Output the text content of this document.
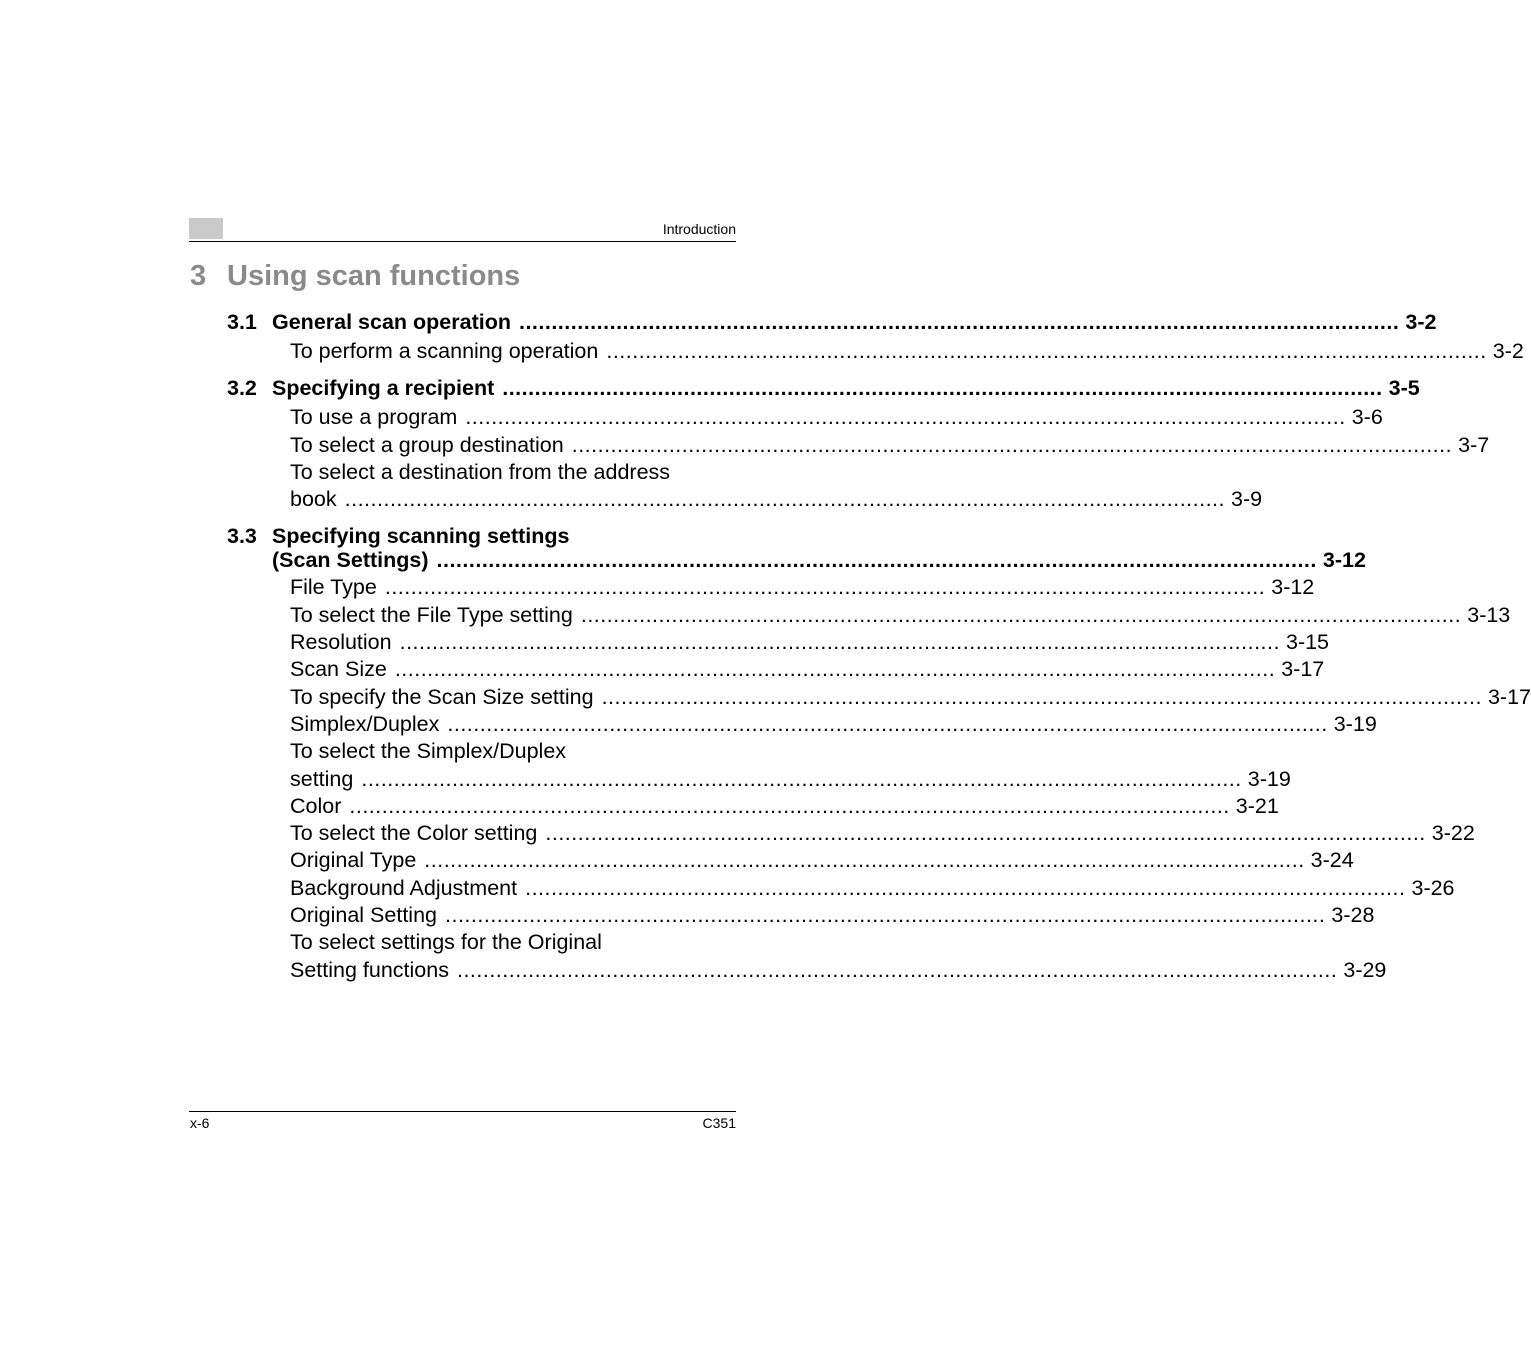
Introduction
3 Using scan functions
3.1 General scan operation .....	3-2
To perform a scanning operation .....	3-2
3.2 Specifying a recipient .....	3-5
To use a program .....	3-6
To select a group destination .....	3-7
To select a destination from the address
book .....	3-9
3.3 Specifying scanning settings
(Scan Settings) .....	3-12
File Type .....	3-12
To select the File Type setting .....	3-13
Resolution .....	3-15
Scan Size .....	3-17
To specify the Scan Size setting .....	3-17
Simplex/Duplex .....	3-19
To select the Simplex/Duplex
setting .....	3-19
Color .....	3-21
To select the Color setting .....	3-22
Original Type .....	3-24
Background Adjustment .....	3-26
Original Setting .....	3-28
To select settings for the Original
Setting functions .....	3-29
x-6	C351
